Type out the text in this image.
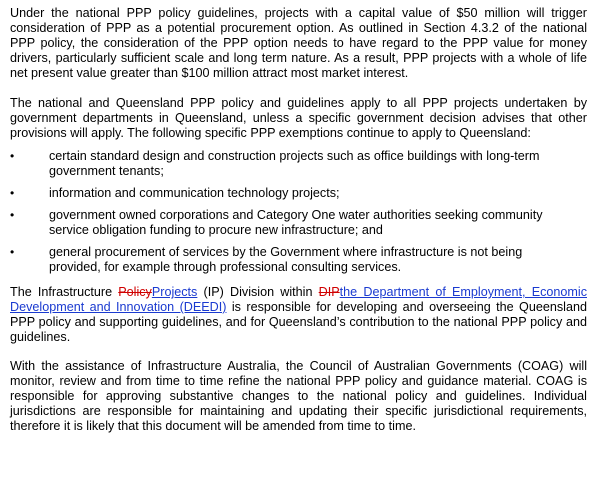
Under the national PPP policy guidelines, projects with a capital value of $50 million will trigger consideration of PPP as a potential procurement option. As outlined in Section 4.3.2 of the national PPP policy, the consideration of the PPP option needs to have regard to the PPP value for money drivers, particularly sufficient scale and long term nature. As a result, PPP projects with a whole of life net present value greater than $100 million attract most market interest.

The national and Queensland PPP policy and guidelines apply to all PPP projects undertaken by government departments in Queensland, unless a specific government decision advises that other provisions will apply. The following specific PPP exemptions continue to apply to Queensland:

•	certain standard design and construction projects such as office buildings with long-term government tenants;
•	information and communication technology projects;
•	government owned corporations and Category One water authorities seeking community service obligation funding to procure new infrastructure; and
•	general procurement of services by the Government where infrastructure is not being provided, for example through professional consulting services.

The Infrastructure PolicyProjects (IP) Division within DIPthe Department of Employment, Economic Development and Innovation (DEEDI) is responsible for developing and overseeing the Queensland PPP policy and supporting guidelines, and for Queensland’s contribution to the national PPP policy and guidelines.

With the assistance of Infrastructure Australia, the Council of Australian Governments (COAG) will monitor, review and from time to time refine the national PPP policy and guidance material. COAG is responsible for approving substantive changes to the national policy and guidelines. Individual jurisdictions are responsible for maintaining and updating their specific jurisdictional requirements, therefore it is likely that this document will be amended from time to time.
